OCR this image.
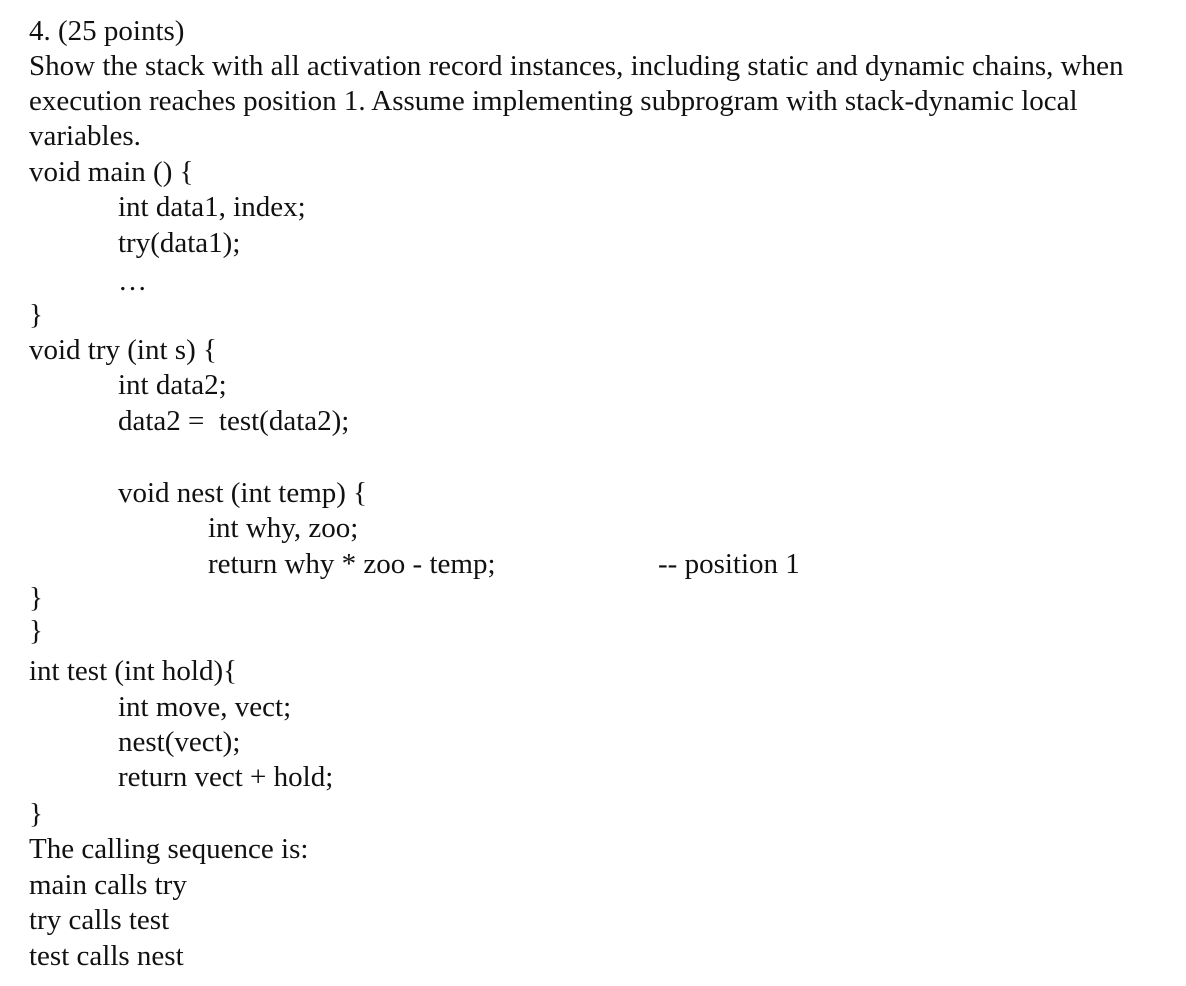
4. (25 points)

Show the stack with all activation record instances, including static and dynamic chains, when

execution reaches position 1. Assume implementing subprogram with stack-dynamic local

variables.

void main () {

int data1, index;

try(data1);

…

}

void try (int s) {

int data2;

data2 =  test(data2);

void nest (int temp) {

int why, zoo;

return why * zoo - temp;	-- position 1

}

}

int test (int hold){

int move, vect;

nest(vect);

return vect + hold;

}

The calling sequence is:

main calls try

try calls test

test calls nest
